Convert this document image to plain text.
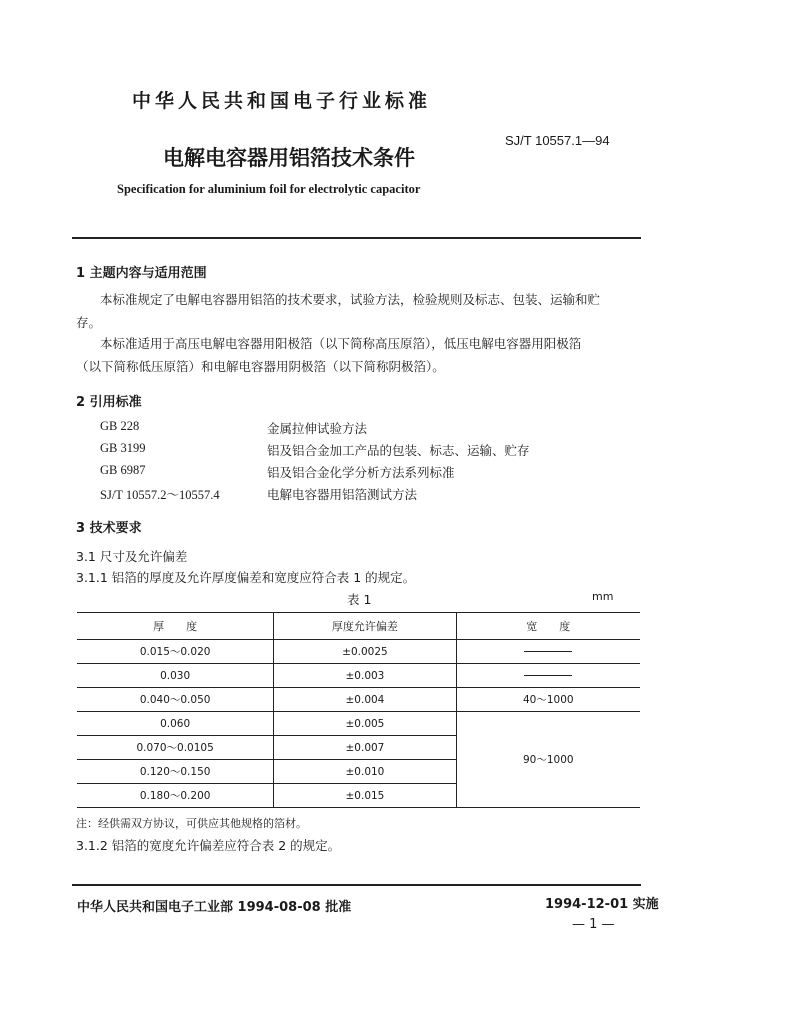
中华人民共和国电子行业标准
电解电容器用铝箔技术条件
SJ/T 10557.1—94
Specification for aluminium foil for electrolytic capacitor
1 主题内容与适用范围
本标准规定了电解电容器用铝箔的技术要求，试验方法，检验规则及标志、包装、运输和贮
存。
本标准适用于高压电解电容器用阳极箔（以下简称高压原箔），低压电解电容器用阳极箔
（以下简称低压原箔）和电解电容器用阴极箔（以下简称阴极箔）。
2 引用标准
GB 228	金属拉伸试验方法
GB 3199	铝及铝合金加工产品的包装、标志、运输、贮存
GB 6987	铝及铝合金化学分析方法系列标准
SJ/T 10557.2～10557.4	电解电容器用铝箔测试方法
3 技术要求
3.1 尺寸及允许偏差
3.1.1 铝箔的厚度及允许厚度偏差和宽度应符合表 1 的规定。
表 1	mm
厚　　度	厚度允许偏差	宽　　度
0.015～0.020	±0.0025	
0.030	±0.003	
0.040～0.050	±0.004	40～1000
0.060	±0.005	90～1000
0.070～0.0105	±0.007	
0.120～0.150	±0.010	
0.180～0.200	±0.015	
注：经供需双方协议，可供应其他规格的箔材。
3.1.2 铝箔的宽度允许偏差应符合表 2 的规定。
中华人民共和国电子工业部 1994-08-08 批准	1994-12-01 实施
— 1 —
